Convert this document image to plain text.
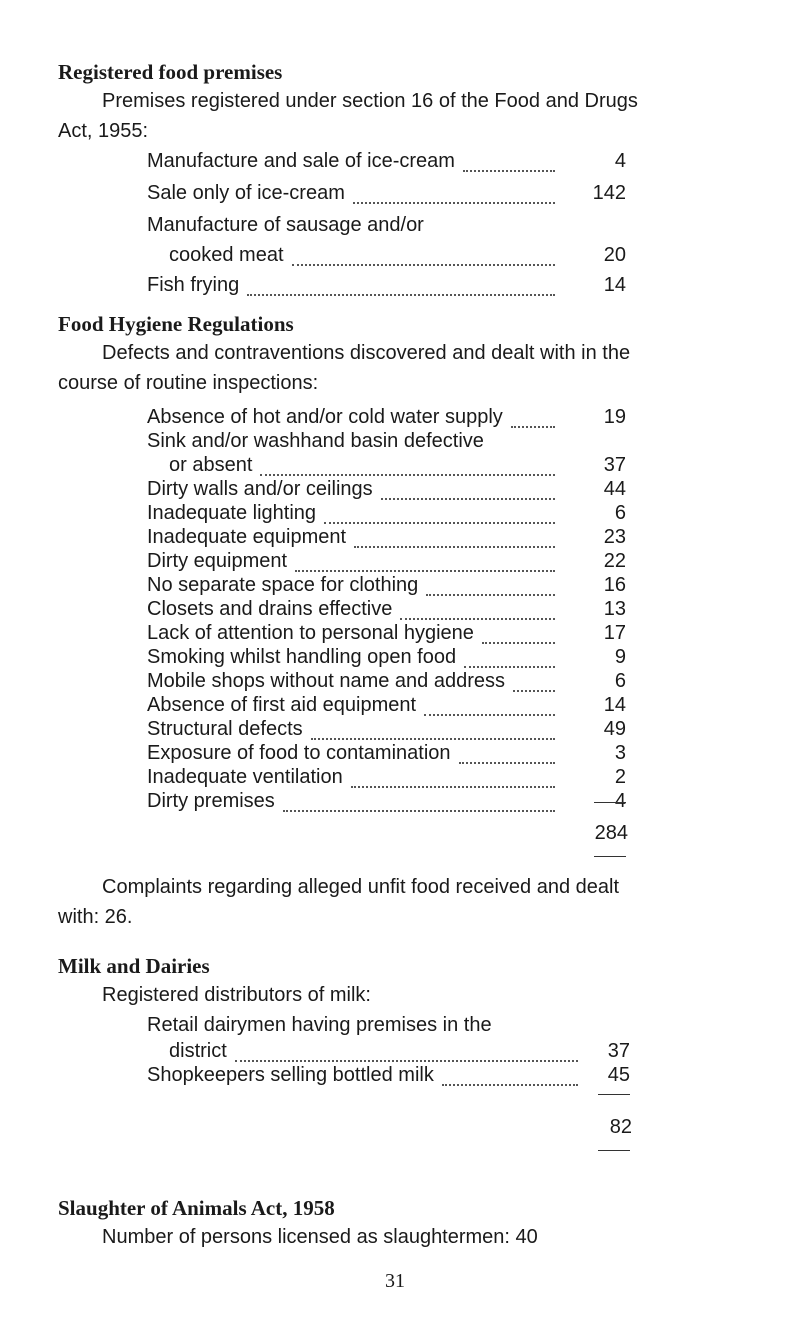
Registered food premises
Premises registered under section 16 of the Food and Drugs
Act, 1955:
Manufacture and sale of ice-cream	4
Sale only of ice-cream	142
Manufacture of sausage and/or
cooked meat	20
Fish frying	14
Food Hygiene Regulations
Defects and contraventions discovered and dealt with in the
course of routine inspections:
Absence of hot and/or cold water supply	19
Sink and/or washhand basin defective
or absent	37
Dirty walls and/or ceilings	44
Inadequate lighting	6
Inadequate equipment	23
Dirty equipment	22
No separate space for clothing	16
Closets and drains effective	13
Lack of attention to personal hygiene	17
Smoking whilst handling open food	9
Mobile shops without name and address	6
Absence of first aid equipment	14
Structural defects	49
Exposure of food to contamination	3
Inadequate ventilation	2
Dirty premises	4
284
Complaints regarding alleged unfit food received and dealt
with: 26.
Milk and Dairies
Registered distributors of milk:
Retail dairymen having premises in the
district	37
Shopkeepers selling bottled milk	45
82
Slaughter of Animals Act, 1958
Number of persons licensed as slaughtermen: 40
31
